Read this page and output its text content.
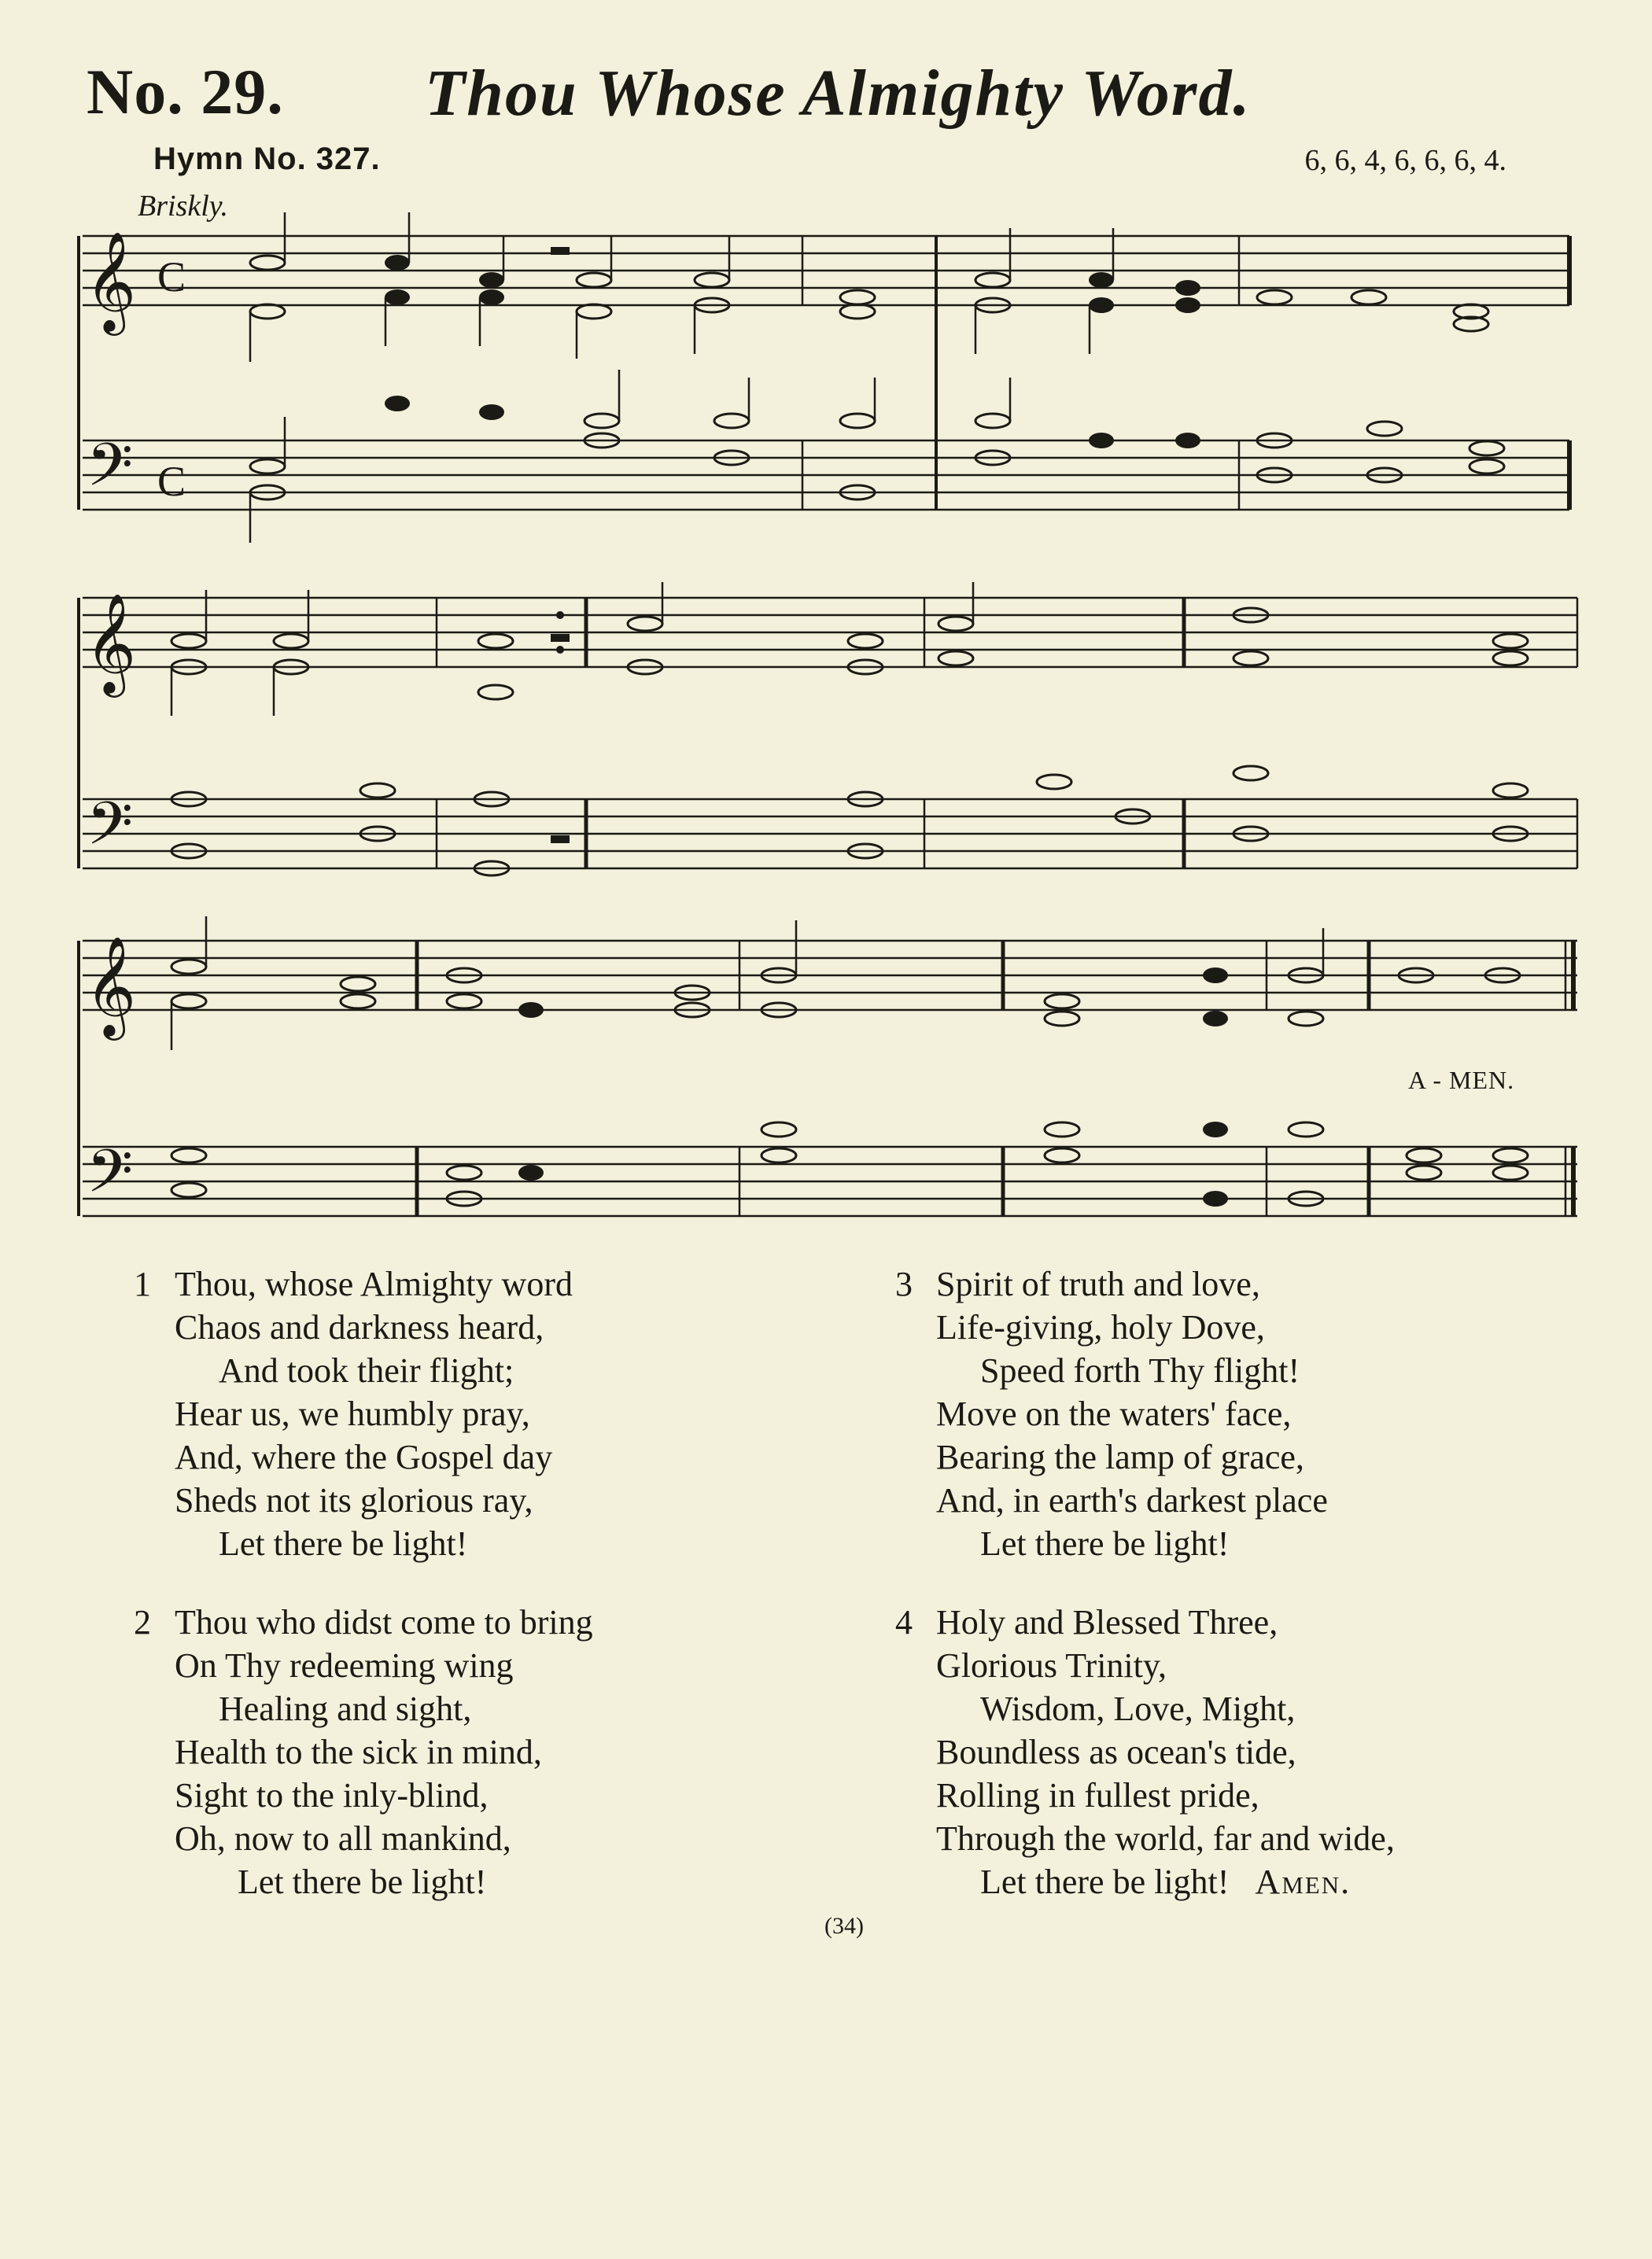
No. 29. Thou Whose Almighty Word.
Hymn No. 327.	6, 6, 4, 6, 6, 6, 4.
Briskly.
𝄞
𝄢
𝄞
𝄢
𝄞
𝄢
C
C
A - MEN.
1 Thou, whose Almighty word
Chaos and darkness heard,
And took their flight;
Hear us, we humbly pray,
And, where the Gospel day
Sheds not its glorious ray,
Let there be light!
2 Thou who didst come to bring
On Thy redeeming wing
Healing and sight,
Health to the sick in mind,
Sight to the inly-blind,
Oh, now to all mankind,
Let there be light!
3 Spirit of truth and love,
Life-giving, holy Dove,
Speed forth Thy flight!
Move on the waters' face,
Bearing the lamp of grace,
And, in earth's darkest place
Let there be light!
4 Holy and Blessed Three,
Glorious Trinity,
Wisdom, Love, Might,
Boundless as ocean's tide,
Rolling in fullest pride,
Through the world, far and wide,
Let there be light! Amen.
(34)
